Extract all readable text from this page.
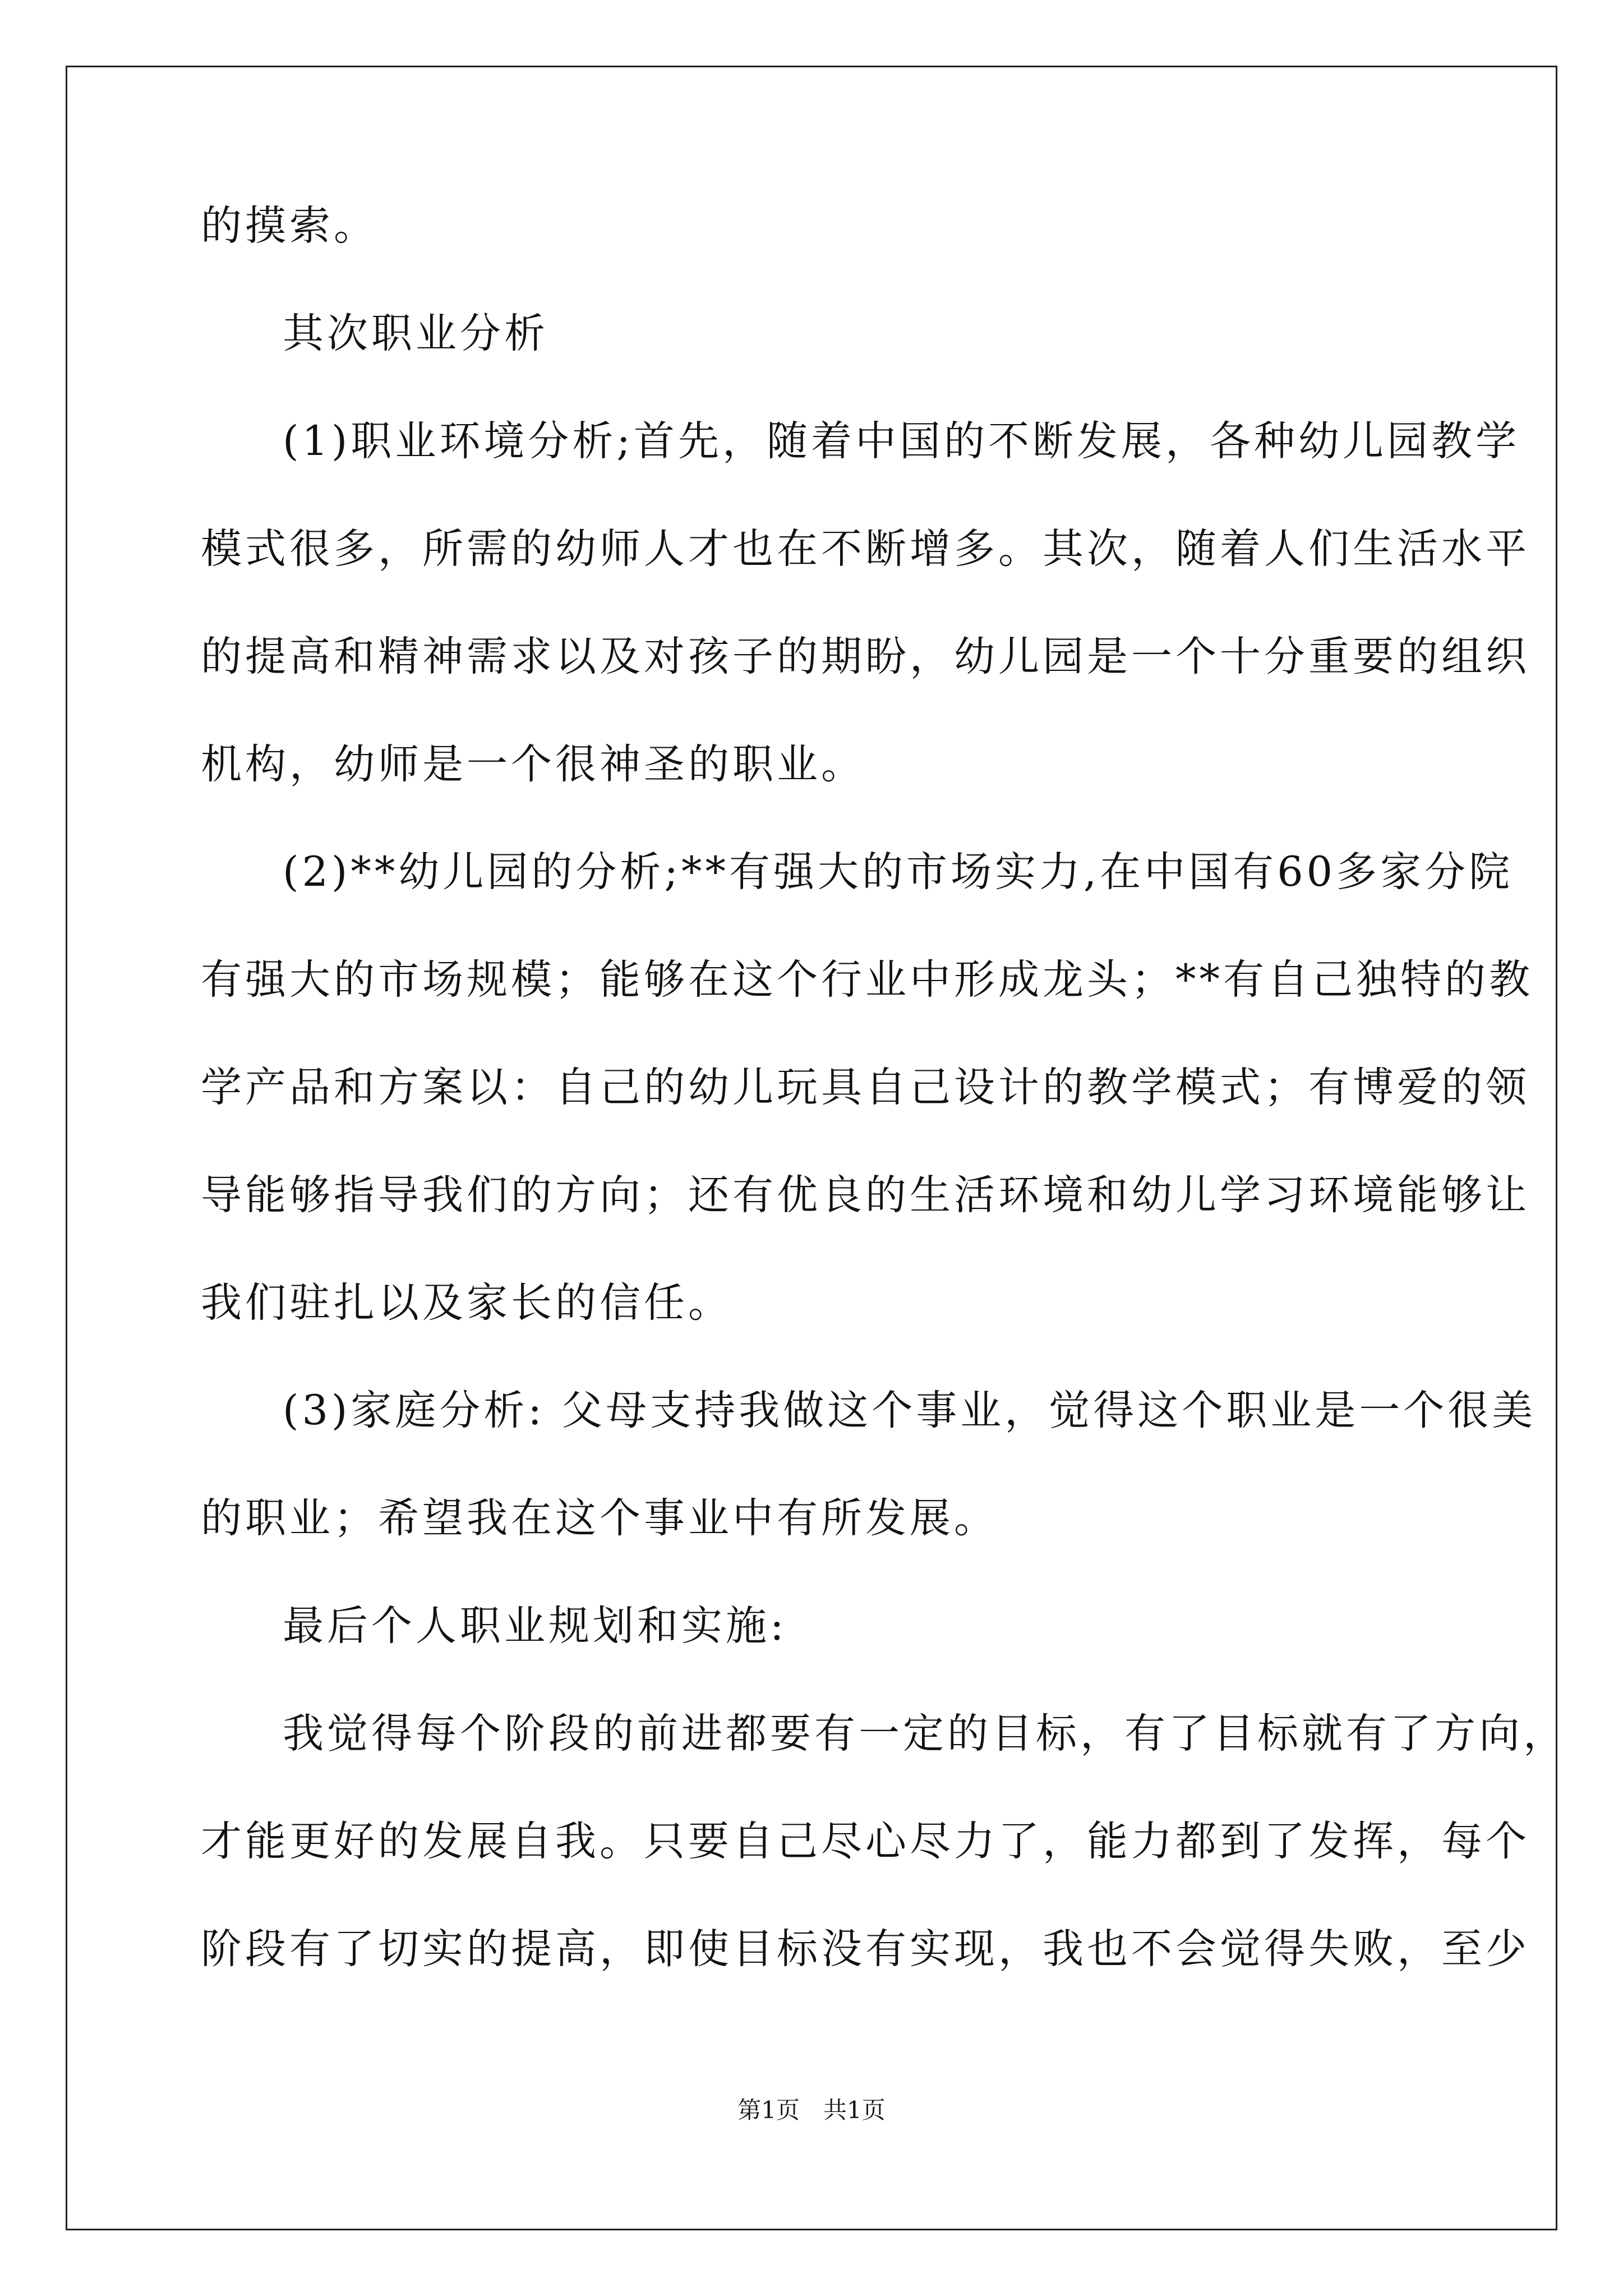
的摸索。
其次职业分析
(1)职业环境分析;首先，随着中国的不断发展，各种幼儿园教学
模式很多，所需的幼师人才也在不断增多。其次，随着人们生活水平
的提高和精神需求以及对孩子的期盼，幼儿园是一个十分重要的组织
机构，幼师是一个很神圣的职业。
(2)**幼儿园的分析;**有强大的市场实力,在中国有60多家分院
有强大的市场规模；能够在这个行业中形成龙头；**有自己独特的教
学产品和方案以：自己的幼儿玩具自己设计的教学模式；有博爱的领
导能够指导我们的方向；还有优良的生活环境和幼儿学习环境能够让
我们驻扎以及家长的信任。
(3)家庭分析: 父母支持我做这个事业，觉得这个职业是一个很美
的职业；希望我在这个事业中有所发展。
最后个人职业规划和实施:
我觉得每个阶段的前进都要有一定的目标，有了目标就有了方向，
才能更好的发展自我。只要自己尽心尽力了，能力都到了发挥，每个
阶段有了切实的提高，即使目标没有实现，我也不会觉得失败，至少
第1页　共1页
